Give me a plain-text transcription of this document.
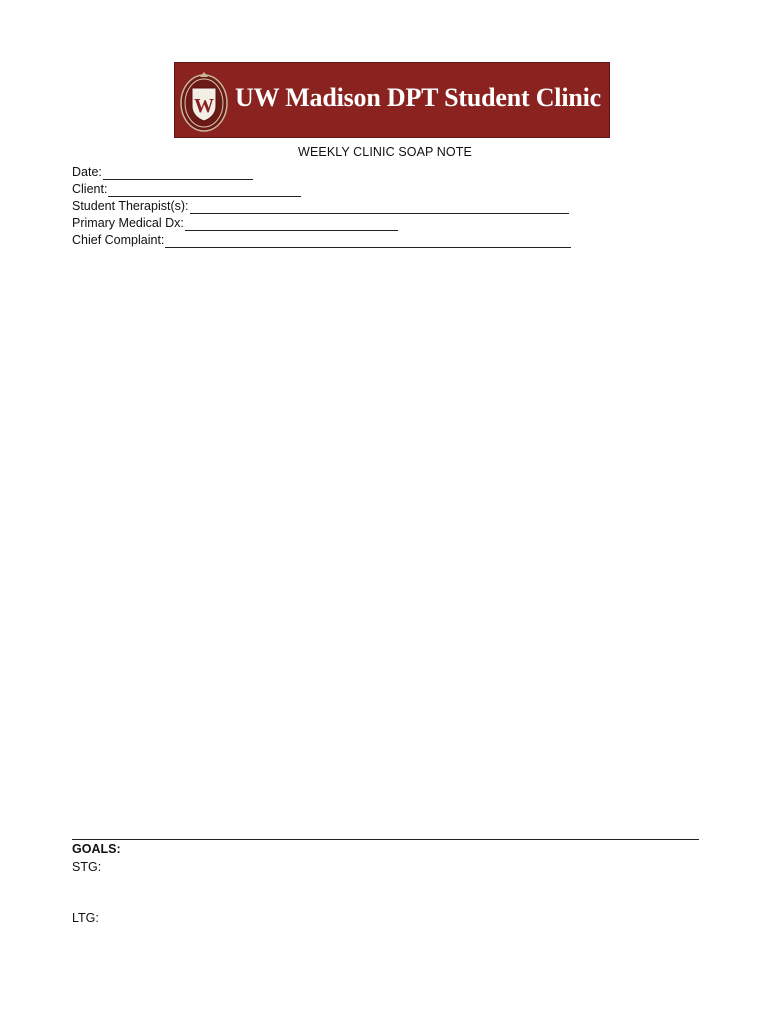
W UW Madison DPT Student Clinic
WEEKLY CLINIC SOAP NOTE
Date:
Client:
Student Therapist(s):
Primary Medical Dx:
Chief Complaint:
GOALS:
STG:
LTG:
